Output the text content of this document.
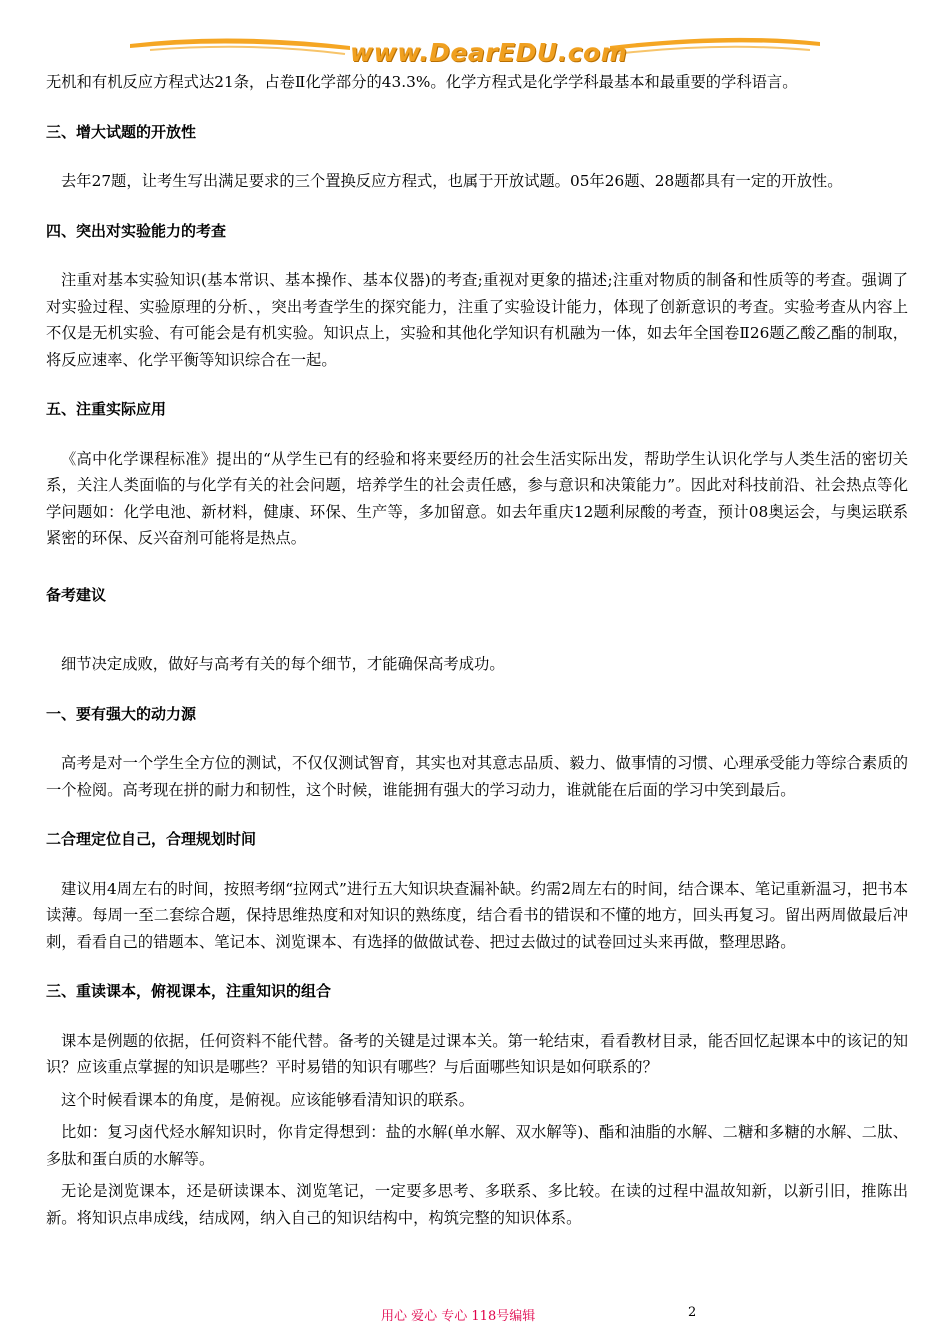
www.DearEDU.com

无机和有机反应方程式达21条，占卷Ⅱ化学部分的43.3%。化学方程式是化学学科最基本和最重要的学科语言。

三、增大试题的开放性

去年27题，让考生写出满足要求的三个置换反应方程式，也属于开放试题。05年26题、28题都具有一定的开放性。

四、突出对实验能力的考查

注重对基本实验知识(基本常识、基本操作、基本仪器)的考查;重视对更象的描述;注重对物质的制备和性质等的考查。强调了对实验过程、实验原理的分析、，突出考查学生的探究能力，注重了实验设计能力，体现了创新意识的考查。实验考查从内容上不仅是无机实验、有可能会是有机实验。知识点上，实验和其他化学知识有机融为一体，如去年全国卷Ⅱ26题乙酸乙酯的制取，将反应速率、化学平衡等知识综合在一起。

五、注重实际应用

《高中化学课程标准》提出的“从学生已有的经验和将来要经历的社会生活实际出发，帮助学生认识化学与人类生活的密切关系，关注人类面临的与化学有关的社会问题，培养学生的社会责任感，参与意识和决策能力”。因此对科技前沿、社会热点等化学问题如：化学电池、新材料，健康、环保、生产等，多加留意。如去年重庆12题利尿酸的考查，预计08奥运会，与奥运联系紧密的环保、反兴奋剂可能将是热点。

备考建议

细节决定成败，做好与高考有关的每个细节，才能确保高考成功。

一、要有强大的动力源

高考是对一个学生全方位的测试，不仅仅测试智育，其实也对其意志品质、毅力、做事情的习惯、心理承受能力等综合素质的一个检阅。高考现在拼的耐力和韧性，这个时候，谁能拥有强大的学习动力，谁就能在后面的学习中笑到最后。

二合理定位自己，合理规划时间

建议用4周左右的时间，按照考纲“拉网式”进行五大知识块查漏补缺。约需2周左右的时间，结合课本、笔记重新温习，把书本读薄。每周一至二套综合题，保持思维热度和对知识的熟练度，结合看书的错误和不懂的地方，回头再复习。留出两周做最后冲刺，看看自己的错题本、笔记本、浏览课本、有选择的做做试卷、把过去做过的试卷回过头来再做，整理思路。

三、重读课本，俯视课本，注重知识的组合

课本是例题的依据，任何资料不能代替。备考的关键是过课本关。第一轮结束，看看教材目录，能否回忆起课本中的该记的知识？应该重点掌握的知识是哪些？平时易错的知识有哪些？与后面哪些知识是如何联系的？

这个时候看课本的角度，是俯视。应该能够看清知识的联系。

比如：复习卤代烃水解知识时，你肯定得想到：盐的水解(单水解、双水解等)、酯和油脂的水解、二糖和多糖的水解、二肽、多肽和蛋白质的水解等。

无论是浏览课本，还是研读课本、浏览笔记，一定要多思考、多联系、多比较。在读的过程中温故知新，以新引旧，推陈出新。将知识点串成线，结成网，纳入自己的知识结构中，构筑完整的知识体系。

用心 爱心 专心 118号编辑	2
